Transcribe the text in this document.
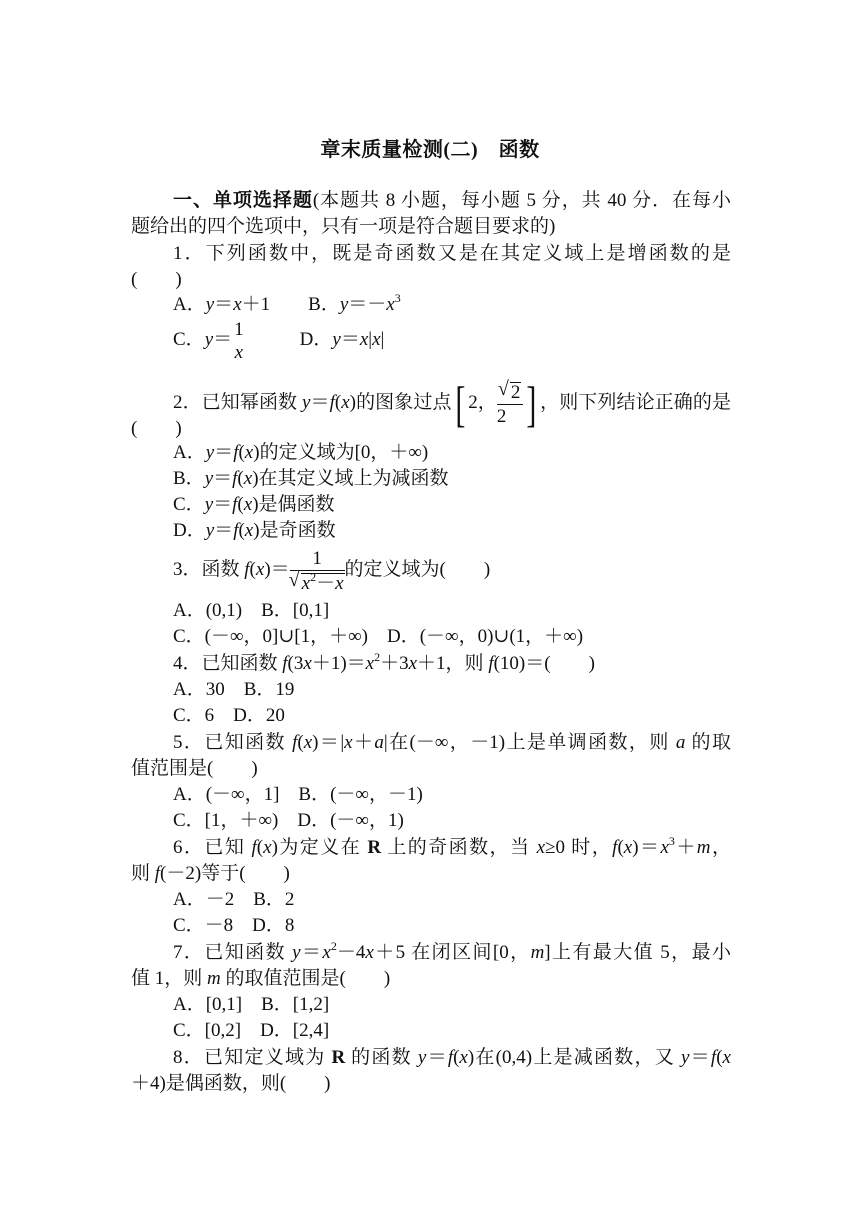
章末质量检测(二)　函数
一、单项选择题(本题共 8 小题，每小题 5 分，共 40 分．在每小
题给出的四个选项中，只有一项是符合题目要求的)
1．下列函数中，既是奇函数又是在其定义域上是增函数的是
(　　)
A．y＝x＋1　　B．$y=-x^3$
C．y＝ 1
x
D．y＝x|x|
2．已知幂函数 y＝f(x)的图象过点[ 2，
√ $\frac{2}{2}$ ] ，则下列结论正确的是
(　　)
A．y＝f(x)的定义域为[0，＋∞)
B．y＝f(x)在其定义域上为减函数
C．y＝f(x)是偶函数
D．y＝f(x)是奇函数
3．函数 f(x)＝ 1
√ $x^2-x$ 的定义域为(　　)
A．(0,1)　B．[0,1]
C．(－∞，0]∪[1，＋∞)　D．(－∞，0)∪(1，＋∞)
4．已知函数 $f(3x+1)=x^2+3x+1$，则 f(10)＝(　　)
A．30　B．19
C．6　D．20
5．已知函数 f(x)＝|x＋a|在(－∞，－1)上是单调函数，则 a 的取
值范围是(　　)
A．(－∞，1]　B．(－∞，－1)
C．[1，＋∞)　D．(－∞，1)
6．已知 f(x)为定义在 R 上的奇函数，当 x≥0 时，$f(x)=x^3+m$，
则 f(－2)等于(　　)
A．－2　B．2
C．－8　D．8
7．已知函数 $y=x^2-4x+5$ 在闭区间[0，m]上有最大值 5，最小
值 1，则 m 的取值范围是(　　)
A．[0,1]　B．[1,2]
C．[0,2]　D．[2,4]
8．已知定义域为 R 的函数 y＝f(x)在(0,4)上是减函数，又 y＝f(x
＋4)是偶函数，则(　　)
